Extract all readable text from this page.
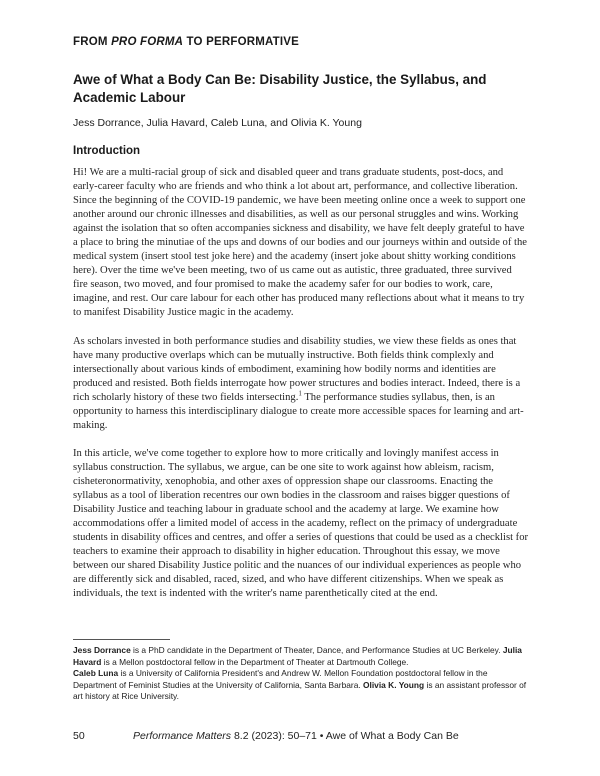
FROM PRO FORMA TO PERFORMATIVE
Awe of What a Body Can Be: Disability Justice, the Syllabus, and Academic Labour
Jess Dorrance, Julia Havard, Caleb Luna, and Olivia K. Young
Introduction

Hi! We are a multi-racial group of sick and disabled queer and trans graduate students, post-docs, and early-career faculty who are friends and who think a lot about art, performance, and collective liberation. Since the beginning of the COVID-19 pandemic, we have been meeting online once a week to support one another around our chronic illnesses and disabilities, as well as our personal struggles and wins. Working against the isolation that so often accompanies sickness and disability, we have felt deeply grateful to have a place to bring the minutiae of the ups and downs of our bodies and our journeys within and outside of the medical system (insert stool test joke here) and the academy (insert joke about shitty working conditions here). Over the time we've been meeting, two of us came out as autistic, three graduated, three survived fire season, two moved, and four promised to make the academy safer for our bodies to work, care, imagine, and rest. Our care labour for each other has produced many reflections about what it means to try to manifest Disability Justice magic in the academy.

As scholars invested in both performance studies and disability studies, we view these fields as ones that have many productive overlaps which can be mutually instructive. Both fields think complexly and intersectionally about various kinds of embodiment, examining how bodily norms and identities are produced and resisted. Both fields interrogate how power structures and bodies interact. Indeed, there is a rich scholarly history of these two fields intersecting.$^1$ The performance studies syllabus, then, is an opportunity to harness this interdisciplinary dialogue to create more accessible spaces for learning and art-making.

In this article, we've come together to explore how to more critically and lovingly manifest access in syllabus construction. The syllabus, we argue, can be one site to work against how ableism, racism, cisheteronormativity, xenophobia, and other axes of oppression shape our classrooms. Enacting the syllabus as a tool of liberation recentres our own bodies in the classroom and raises bigger questions of Disability Justice and teaching labour in graduate school and the academy at large. We examine how accommodations offer a limited model of access in the academy, reflect on the primacy of undergraduate students in disability offices and centres, and offer a series of questions that could be used as a checklist for teachers to examine their approach to disability in higher education. Throughout this essay, we move between our shared Disability Justice politic and the nuances of our individual experiences as people who are differently sick and disabled, raced, sized, and who have different citizenships. When we speak as individuals, the text is indented with the writer's name parenthetically cited at the end.

Jess Dorrance is a PhD candidate in the Department of Theater, Dance, and Performance Studies at UC Berkeley. Julia Havard is a Mellon postdoctoral fellow in the Department of Theater at Dartmouth College.
Caleb Luna is a University of California President's and Andrew W. Mellon Foundation postdoctoral fellow in the Department of Feminist Studies at the University of California, Santa Barbara. Olivia K. Young is an assistant professor of art history at Rice University.

50	Performance Matters 8.2 (2023): 50–71 • Awe of What a Body Can Be
